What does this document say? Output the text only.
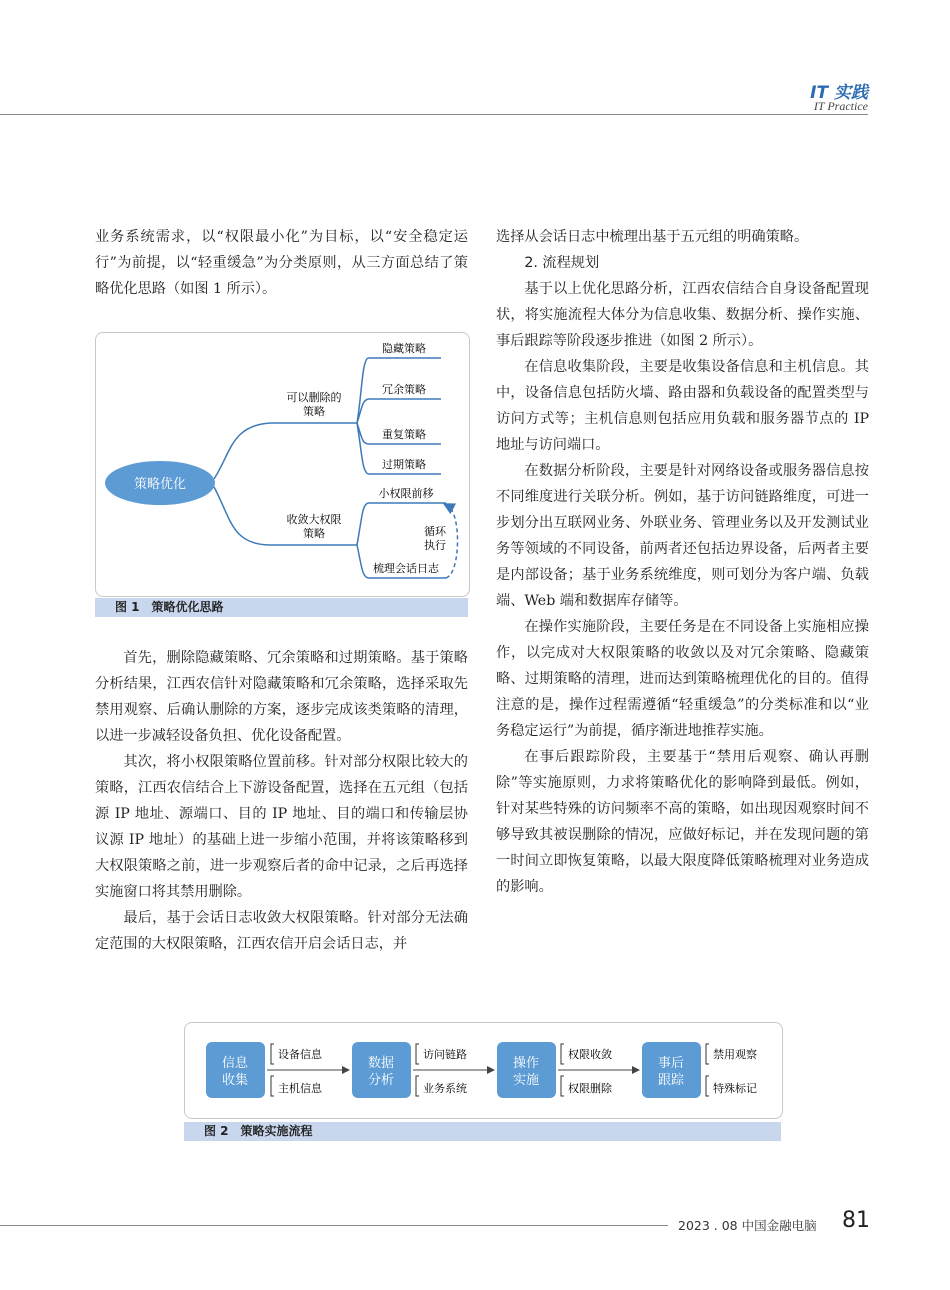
IT 实践
IT Practice

业务系统需求，以“权限最小化”为目标，以“安全稳定运行”为前提，以“轻重缓急”为分类原则，从三方面总结了策略优化思路（如图 1 所示）。

策略优化
可以删除的
策略
隐藏策略
冗余策略
重复策略
过期策略
收敛大权限
策略
小权限前移
梳理会话日志
循环
执行
图 1　策略优化思路

首先，删除隐藏策略、冗余策略和过期策略。基于策略分析结果，江西农信针对隐藏策略和冗余策略，选择采取先禁用观察、后确认删除的方案，逐步完成该类策略的清理，以进一步减轻设备负担、优化设备配置。

其次，将小权限策略位置前移。针对部分权限比较大的策略，江西农信结合上下游设备配置，选择在五元组（包括源 IP 地址、源端口、目的 IP 地址、目的端口和传输层协议源 IP 地址）的基础上进一步缩小范围，并将该策略移到大权限策略之前，进一步观察后者的命中记录，之后再选择实施窗口将其禁用删除。

最后，基于会话日志收敛大权限策略。针对部分无法确定范围的大权限策略，江西农信开启会话日志，并

选择从会话日志中梳理出基于五元组的明确策略。

2. 流程规划

基于以上优化思路分析，江西农信结合自身设备配置现状，将实施流程大体分为信息收集、数据分析、操作实施、事后跟踪等阶段逐步推进（如图 2 所示）。

在信息收集阶段，主要是收集设备信息和主机信息。其中，设备信息包括防火墙、路由器和负载设备的配置类型与访问方式等；主机信息则包括应用负载和服务器节点的 IP 地址与访问端口。

在数据分析阶段，主要是针对网络设备或服务器信息按不同维度进行关联分析。例如，基于访问链路维度，可进一步划分出互联网业务、外联业务、管理业务以及开发测试业务等领域的不同设备，前两者还包括边界设备，后两者主要是内部设备；基于业务系统维度，则可划分为客户端、负载端、Web 端和数据库存储等。

在操作实施阶段，主要任务是在不同设备上实施相应操作，以完成对大权限策略的收敛以及对冗余策略、隐藏策略、过期策略的清理，进而达到策略梳理优化的目的。值得注意的是，操作过程需遵循“轻重缓急”的分类标准和以“业务稳定运行”为前提，循序渐进地推荐实施。

在事后跟踪阶段，主要基于“禁用后观察、确认再删除”等实施原则，力求将策略优化的影响降到最低。例如，针对某些特殊的访问频率不高的策略，如出现因观察时间不够导致其被误删除的情况，应做好标记，并在发现问题的第一时间立即恢复策略，以最大限度降低策略梳理对业务造成的影响。

信息
收集
数据
分析
操作
实施
事后
跟踪
设备信息
主机信息
访问链路
业务系统
权限收敛
权限删除
禁用观察
特殊标记
图 2　策略实施流程
2023 . 08 中国金融电脑 81
